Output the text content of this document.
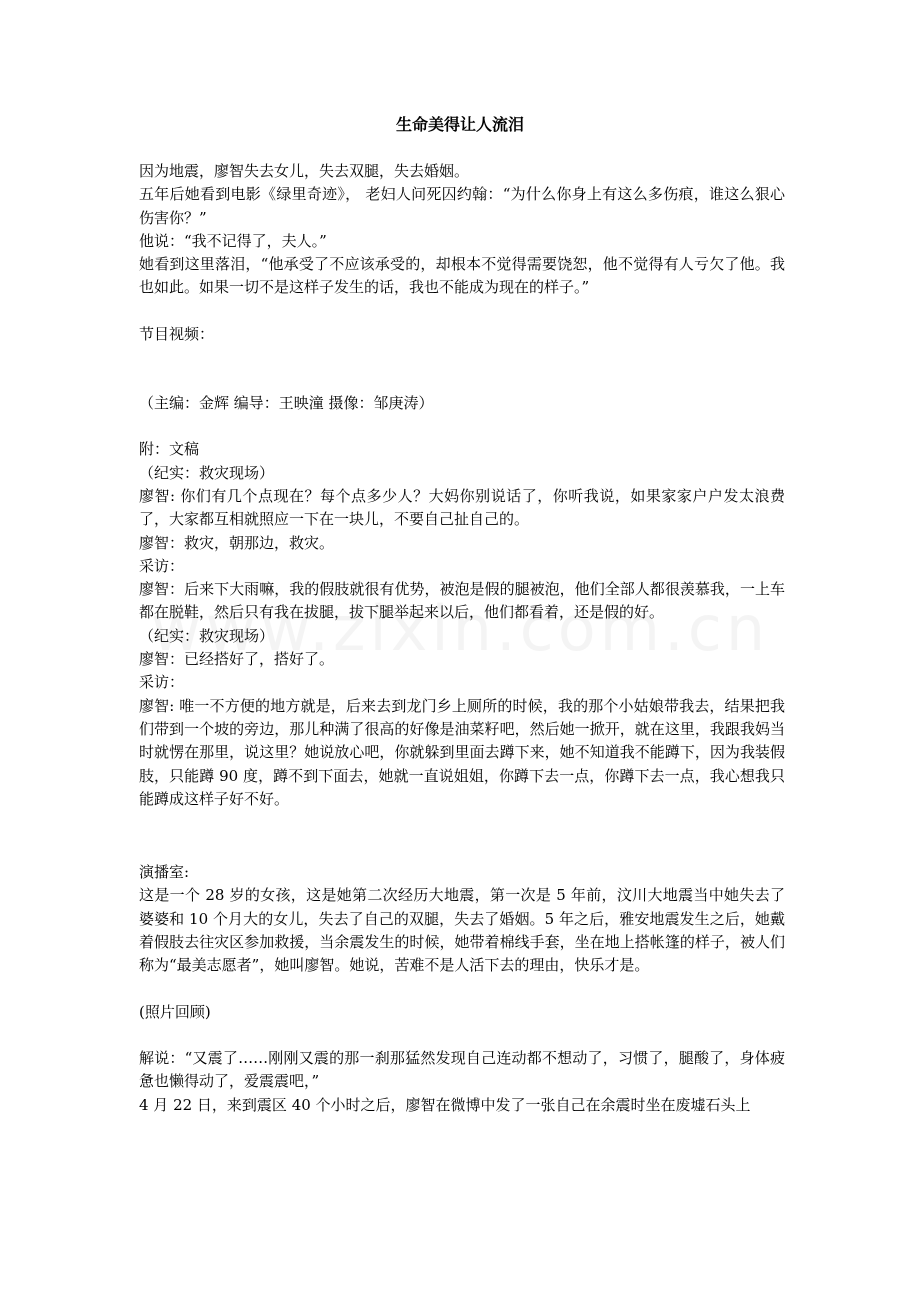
生命美得让人流泪

因为地震，廖智失去女儿，失去双腿，失去婚姻。

五年后她看到电影《绿里奇迹》， 老妇人问死囚约翰：“为什么你身上有这么多伤痕，谁这么狠心伤害你？”

他说：“我不记得了，夫人。”

她看到这里落泪，“他承受了不应该承受的，却根本不觉得需要饶恕，他不觉得有人亏欠了他。我也如此。如果一切不是这样子发生的话，我也不能成为现在的样子。”

节目视频：

（主编：金辉 编导：王映潼 摄像：邹庚涛）

附：文稿

（纪实：救灾现场）

廖智: 你们有几个点现在？每个点多少人？大妈你别说话了，你听我说，如果家家户户发太浪费了，大家都互相就照应一下在一块儿，不要自己扯自己的。

廖智：救灾，朝那边，救灾。

采访：

廖智：后来下大雨嘛，我的假肢就很有优势，被泡是假的腿被泡，他们全部人都很羡慕我，一上车都在脱鞋，然后只有我在拔腿，拔下腿举起来以后，他们都看着，还是假的好。

（纪实：救灾现场）

廖智：已经搭好了，搭好了。

采访：

廖智: 唯一不方便的地方就是，后来去到龙门乡上厕所的时候，我的那个小姑娘带我去，结果把我们带到一个坡的旁边，那儿种满了很高的好像是油菜籽吧，然后她一掀开，就在这里，我跟我妈当时就愣在那里，说这里？她说放心吧，你就躲到里面去蹲下来，她不知道我不能蹲下，因为我装假肢，只能蹲 90 度，蹲不到下面去，她就一直说姐姐，你蹲下去一点，你蹲下去一点，我心想我只能蹲成这样子好不好。

演播室:

这是一个 28 岁的女孩，这是她第二次经历大地震，第一次是 5 年前，汶川大地震当中她失去了婆婆和 10 个月大的女儿，失去了自己的双腿，失去了婚姻。5 年之后，雅安地震发生之后，她戴着假肢去往灾区参加救援，当余震发生的时候，她带着棉线手套，坐在地上搭帐篷的样子，被人们称为“最美志愿者”，她叫廖智。她说，苦难不是人活下去的理由，快乐才是。

(照片回顾)

解说：“又震了……刚刚又震的那一刹那猛然发现自己连动都不想动了，习惯了，腿酸了，身体疲惫也懒得动了，爱震震吧，”

4 月 22 日，来到震区 40 个小时之后，廖智在微博中发了一张自己在余震时坐在废墟石头上
